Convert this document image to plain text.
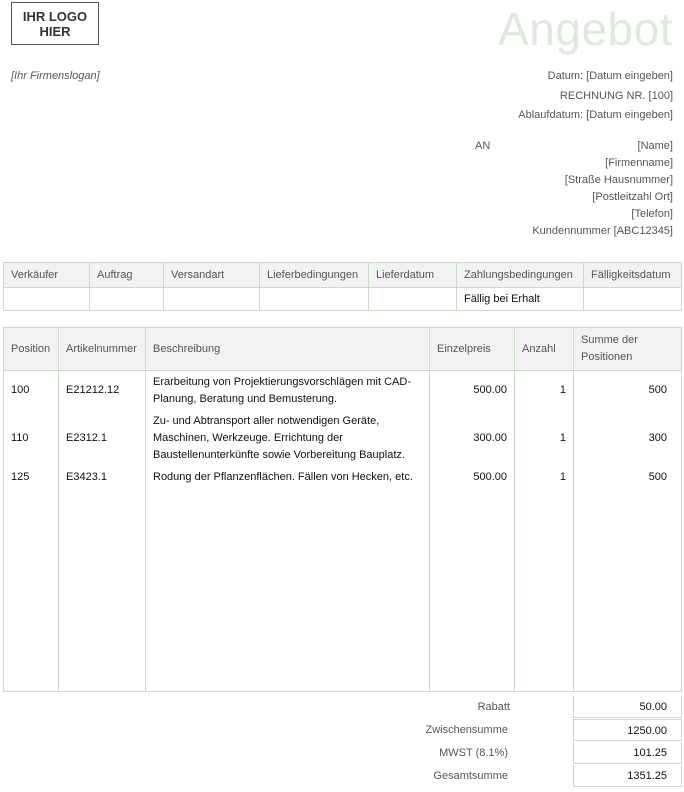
IHR LOGO
HIER	Angebot
[Ihr Firmenslogan]	Datum: [Datum eingeben]
RECHNUNG NR. [100]
Ablaufdatum: [Datum eingeben]
AN	[Name]
[Firmenname]
[Straße Hausnummer]
[Postleitzahl Ort]
[Telefon]
Kundennummer [ABC12345]
Verkäufer	Auftrag	Versandart	Lieferbedingungen	Lieferdatum	Zahlungsbedingungen	Fälligkeitsdatum
					Fällig bei Erhalt	
Position	Artikelnummer	Beschreibung	Einzelpreis	Anzahl	Summe der Positionen
100	E21212.12	Erarbeitung von Projektierungsvorschlägen mit CAD-Planung, Beratung und Bemusterung.	500.00	1	500
110	E2312.1	Zu- und Abtransport aller notwendigen Geräte, Maschinen, Werkzeuge. Errichtung der Baustellenunterkünfte sowie Vorbereitung Bauplatz.	300.00	1	300
125	E3423.1	Rodung der Pflanzenflächen. Fällen von Hecken, etc.	500.00	1	500

Rabatt	50.00
Zwischensumme	1250.00
MWST (8.1%)	101.25
Gesamtsumme	1351.25
